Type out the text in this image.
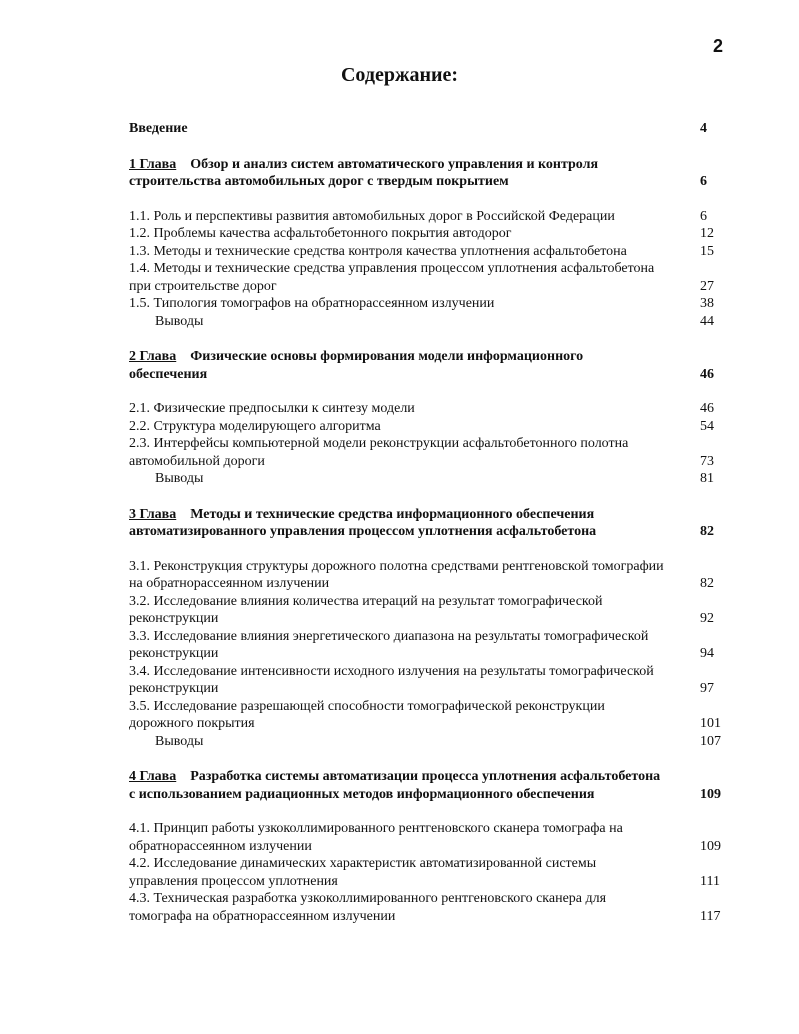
2
Содержание:
Введение	4
1 Глава Обзор и анализ систем автоматического управления и контроля строительства автомобильных дорог с твердым покрытием	6
1.1. Роль и перспективы развития автомобильных дорог в Российской Федерации	6
1.2. Проблемы качества асфальтобетонного покрытия автодорог	12
1.3. Методы и технические средства контроля качества уплотнения асфальтобетона	15
1.4. Методы и технические средства управления процессом уплотнения асфальтобетона при строительстве дорог	27
1.5. Типология томографов на обратнорассеянном излучении	38
Выводы	44
2 Глава Физические основы формирования модели информационного обеспечения	46
2.1. Физические предпосылки к синтезу модели	46
2.2. Структура моделирующего алгоритма	54
2.3. Интерфейсы компьютерной модели реконструкции асфальтобетонного полотна автомобильной дороги	73
Выводы	81
3 Глава Методы и технические средства информационного обеспечения автоматизированного управления процессом уплотнения асфальтобетона	82
3.1. Реконструкция структуры дорожного полотна средствами рентгеновской томографии на обратнорассеянном излучении	82
3.2. Исследование влияния количества итераций на результат томографической реконструкции	92
3.3. Исследование влияния энергетического диапазона на результаты томографической реконструкции	94
3.4. Исследование интенсивности исходного излучения на результаты томографической реконструкции	97
3.5. Исследование разрешающей способности томографической реконструкции дорожного покрытия	101
Выводы	107
4 Глава Разработка системы автоматизации процесса уплотнения асфальтобетона с использованием радиационных методов информационного обеспечения	109
4.1. Принцип работы узкоколлимированного рентгеновского сканера томографа на обратнорассеянном излучении	109
4.2. Исследование динамических характеристик автоматизированной системы управления процессом уплотнения	111
4.3. Техническая разработка узкоколлимированного рентгеновского сканера для томографа на обратнорассеянном излучении	117
